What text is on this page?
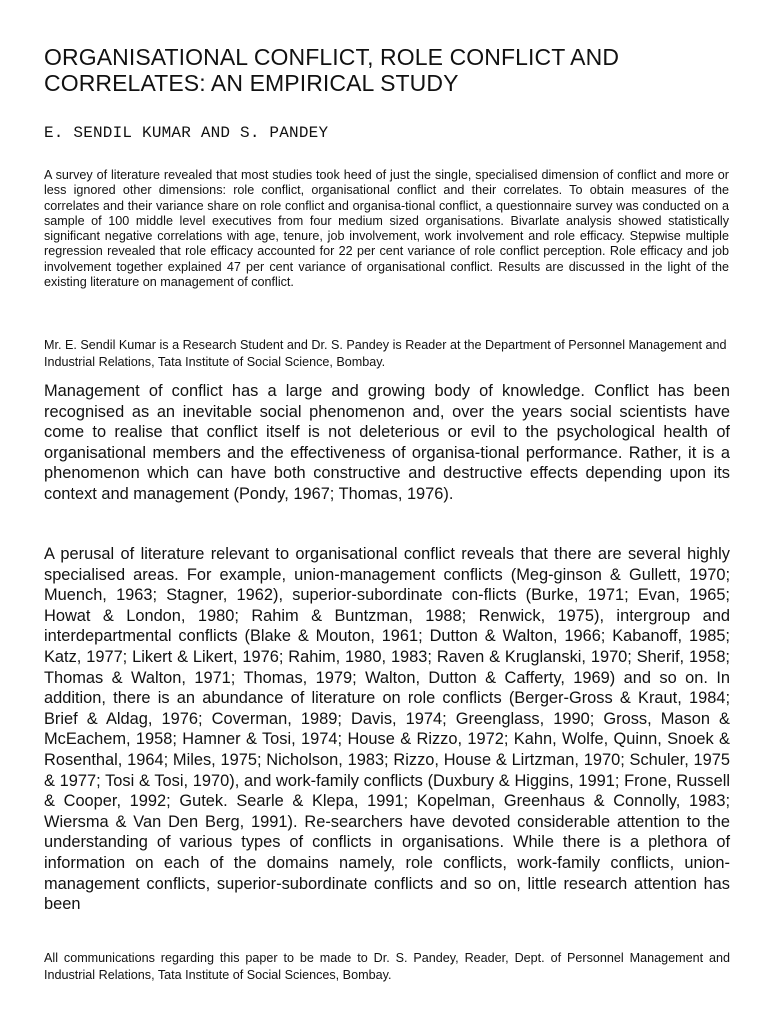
ORGANISATIONAL CONFLICT, ROLE CONFLICT AND
CORRELATES: AN EMPIRICAL STUDY
E. SENDIL KUMAR AND S. PANDEY

A survey of literature revealed that most studies took heed of just the single, specialised dimension of conflict and more or less ignored other dimensions: role conflict, organisational conflict and their correlates. To obtain measures of the correlates and their variance share on role conflict and organisa-tional conflict, a questionnaire survey was conducted on a sample of 100 middle level executives from four medium sized organisations. Bivarlate analysis showed statistically significant negative correlations with age, tenure, job involvement, work involvement and role efficacy. Stepwise multiple regression revealed that role efficacy accounted for 22 per cent variance of role conflict perception. Role efficacy and job involvement together explained 47 per cent variance of organisational conflict. Results are discussed in the light of the existing literature on management of conflict.

Mr. E. Sendil Kumar is a Research Student and Dr. S. Pandey is Reader at the Department of Personnel Management and Industrial Relations, Tata Institute of Social Science, Bombay.

Management of conflict has a large and growing body of knowledge. Conflict has been recognised as an inevitable social phenomenon and, over the years social scientists have come to realise that conflict itself is not deleterious or evil to the psychological health of organisational members and the effectiveness of organisa-tional performance. Rather, it is a phenomenon which can have both constructive and destructive effects depending upon its context and management (Pondy, 1967; Thomas, 1976).

A perusal of literature relevant to organisational conflict reveals that there are several highly specialised areas. For example, union-management conflicts (Meg-ginson & Gullett, 1970; Muench, 1963; Stagner, 1962), superior-subordinate con-flicts (Burke, 1971; Evan, 1965; Howat & London, 1980; Rahim & Buntzman, 1988; Renwick, 1975), intergroup and interdepartmental conflicts (Blake & Mouton, 1961; Dutton & Walton, 1966; Kabanoff, 1985; Katz, 1977; Likert & Likert, 1976; Rahim, 1980, 1983; Raven & Kruglanski, 1970; Sherif, 1958; Thomas & Walton, 1971; Thomas, 1979; Walton, Dutton & Cafferty, 1969) and so on. In addition, there is an abundance of literature on role conflicts (Berger-Gross & Kraut, 1984; Brief & Aldag, 1976; Coverman, 1989; Davis, 1974; Greenglass, 1990; Gross, Mason & McEachem, 1958; Hamner & Tosi, 1974; House & Rizzo, 1972; Kahn, Wolfe, Quinn, Snoek & Rosenthal, 1964; Miles, 1975; Nicholson, 1983; Rizzo, House & Lirtzman, 1970; Schuler, 1975 & 1977; Tosi & Tosi, 1970), and work-family conflicts (Duxbury & Higgins, 1991; Frone, Russell & Cooper, 1992; Gutek. Searle & Klepa, 1991; Kopelman, Greenhaus & Connolly, 1983; Wiersma & Van Den Berg, 1991). Re-searchers have devoted considerable attention to the understanding of various types of conflicts in organisations. While there is a plethora of information on each of the domains namely, role conflicts, work-family conflicts, union-management conflicts, superior-subordinate conflicts and so on, little research attention has been

All communications regarding this paper to be made to Dr. S. Pandey, Reader, Dept. of Personnel Management and Industrial Relations, Tata Institute of Social Sciences, Bombay.
